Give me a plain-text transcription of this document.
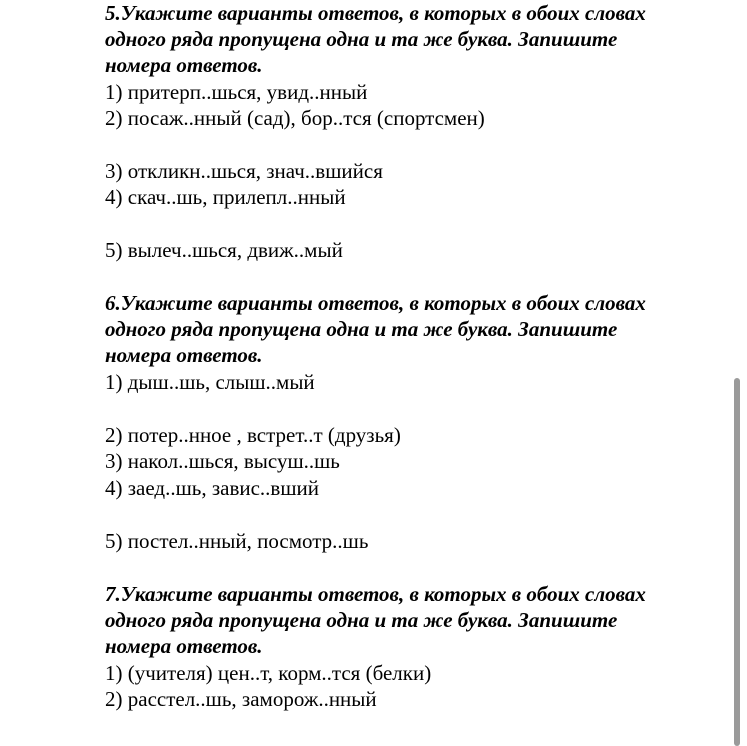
5.Укажите варианты ответов, в которых в обоих словах
одного ряда пропущена одна и та же буква. Запишите
номера ответов.
1) притерп..шься, увид..нный
2) посаж..нный (сад), бор..тся (спортсмен)
3) откликн..шься, знач..вшийся
4) скач..шь, прилепл..нный
5) вылеч..шься, движ..мый
6.Укажите варианты ответов, в которых в обоих словах
одного ряда пропущена одна и та же буква. Запишите
номера ответов.
1) дыш..шь, слыш..мый
2) потер..нное , встрет..т (друзья)
3) накол..шься, высуш..шь
4) заед..шь, завис..вший
5) постел..нный, посмотр..шь
7.Укажите варианты ответов, в которых в обоих словах
одного ряда пропущена одна и та же буква. Запишите
номера ответов.
1) (учителя) цен..т, корм..тся (белки)
2) расстел..шь, заморож..нный
